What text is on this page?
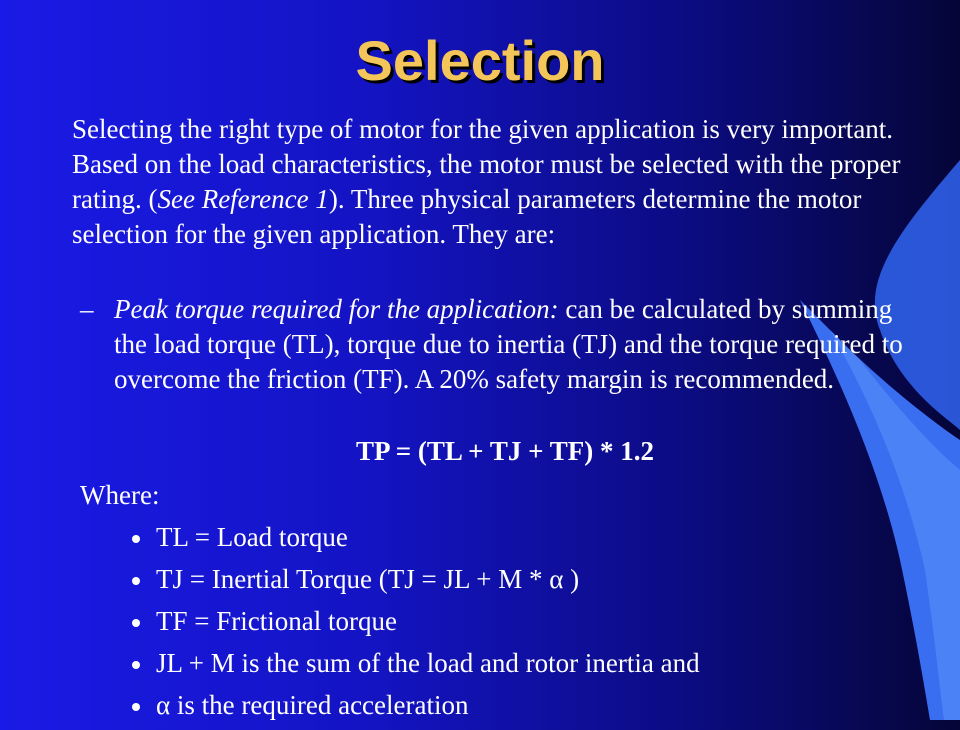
Selection
Selecting the right type of motor for the given application is very important. Based on the load characteristics, the motor must be selected with the proper rating. (See Reference 1). Three physical parameters determine the motor selection for the given application. They are:
– Peak torque required for the application: can be calculated by summing the load torque (TL), torque due to inertia (TJ) and the torque required to overcome the friction (TF). A 20% safety margin is recommended.
TP = (TL + TJ + TF) * 1.2
Where:
TL = Load torque
TJ = Inertial Torque (TJ = JL + M * α )
TF = Frictional torque
JL + M is the sum of the load and rotor inertia and
α is the required acceleration
